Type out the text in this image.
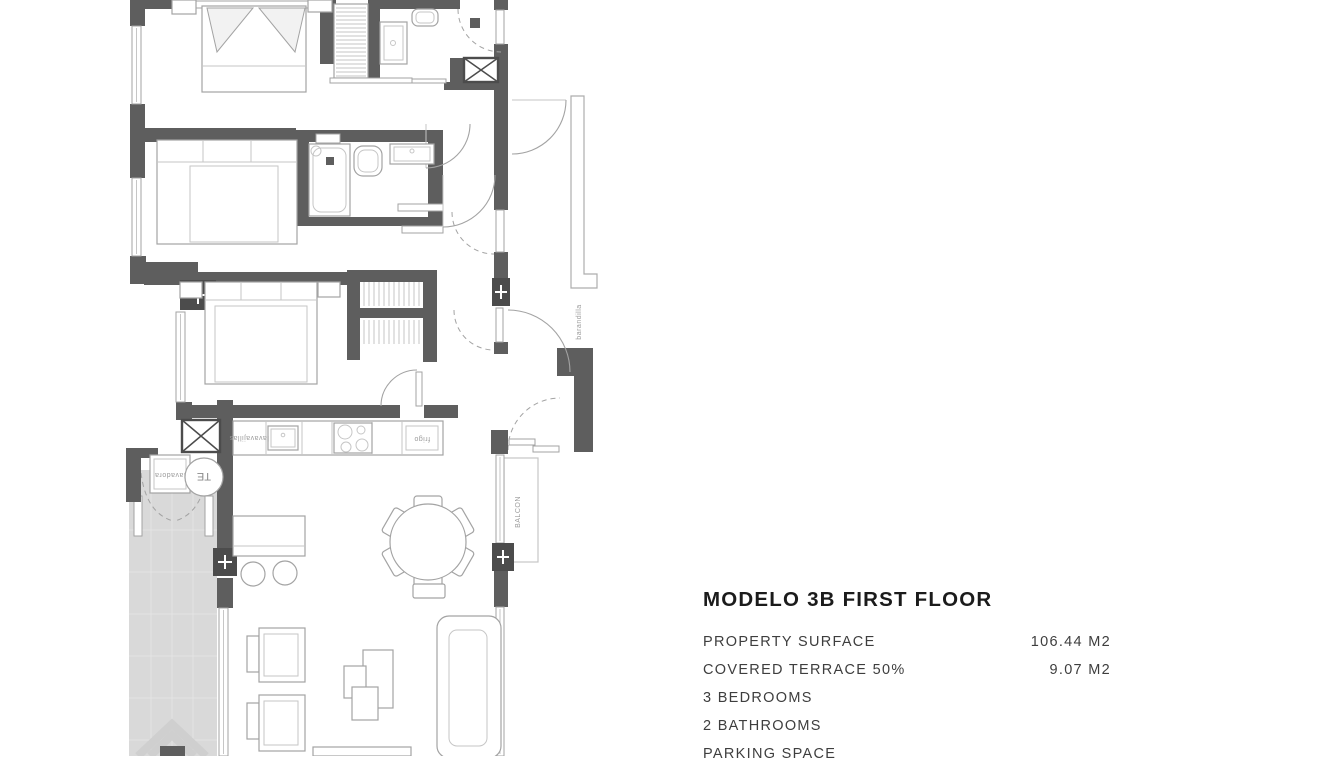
lavavajillas	frigo
lavadora TE
barandilla
BALCON
MODELO 3B FIRST FLOOR
PROPERTY SURFACE	106.44 M2
COVERED TERRACE 50%	9.07 M2
3 BEDROOMS
2 BATHROOMS
PARKING SPACE
